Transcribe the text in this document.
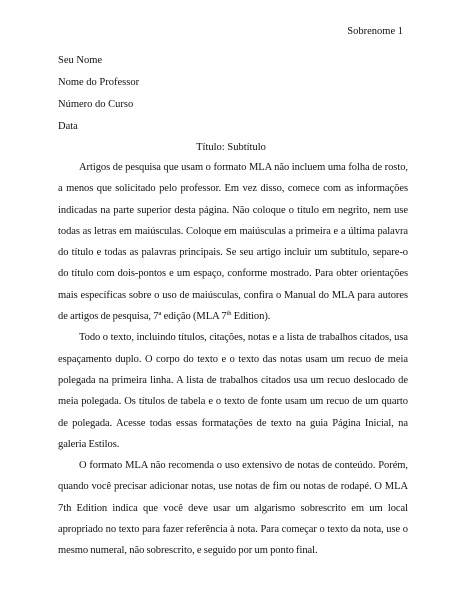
Sobrenome 1
Seu Nome
Nome do Professor
Número do Curso
Data
Título: Subtítulo

Artigos de pesquisa que usam o formato MLA não incluem uma folha de rosto, a menos que solicitado pelo professor. Em vez disso, comece com as informações indicadas na parte superior desta página. Não coloque o título em negrito, nem use todas as letras em maiúsculas. Coloque em maiúsculas a primeira e a última palavra do título e todas as palavras principais. Se seu artigo incluir um subtítulo, separe-o do título com dois-pontos e um espaço, conforme mostrado. Para obter orientações mais específicas sobre o uso de maiúsculas, confira o Manual do MLA para autores de artigos de pesquisa, 7ª edição (MLA 7th Edition).

Todo o texto, incluindo títulos, citações, notas e a lista de trabalhos citados, usa espaçamento duplo. O corpo do texto e o texto das notas usam um recuo de meia polegada na primeira linha. A lista de trabalhos citados usa um recuo deslocado de meia polegada. Os títulos de tabela e o texto de fonte usam um recuo de um quarto de polegada. Acesse todas essas formatações de texto na guia Página Inicial, na galeria Estilos.

O formato MLA não recomenda o uso extensivo de notas de conteúdo. Porém, quando você precisar adicionar notas, use notas de fim ou notas de rodapé. O MLA 7th Edition indica que você deve usar um algarismo sobrescrito em um local apropriado no texto para fazer referência à nota. Para começar o texto da nota, use o mesmo numeral, não sobrescrito, e seguido por um ponto final.
